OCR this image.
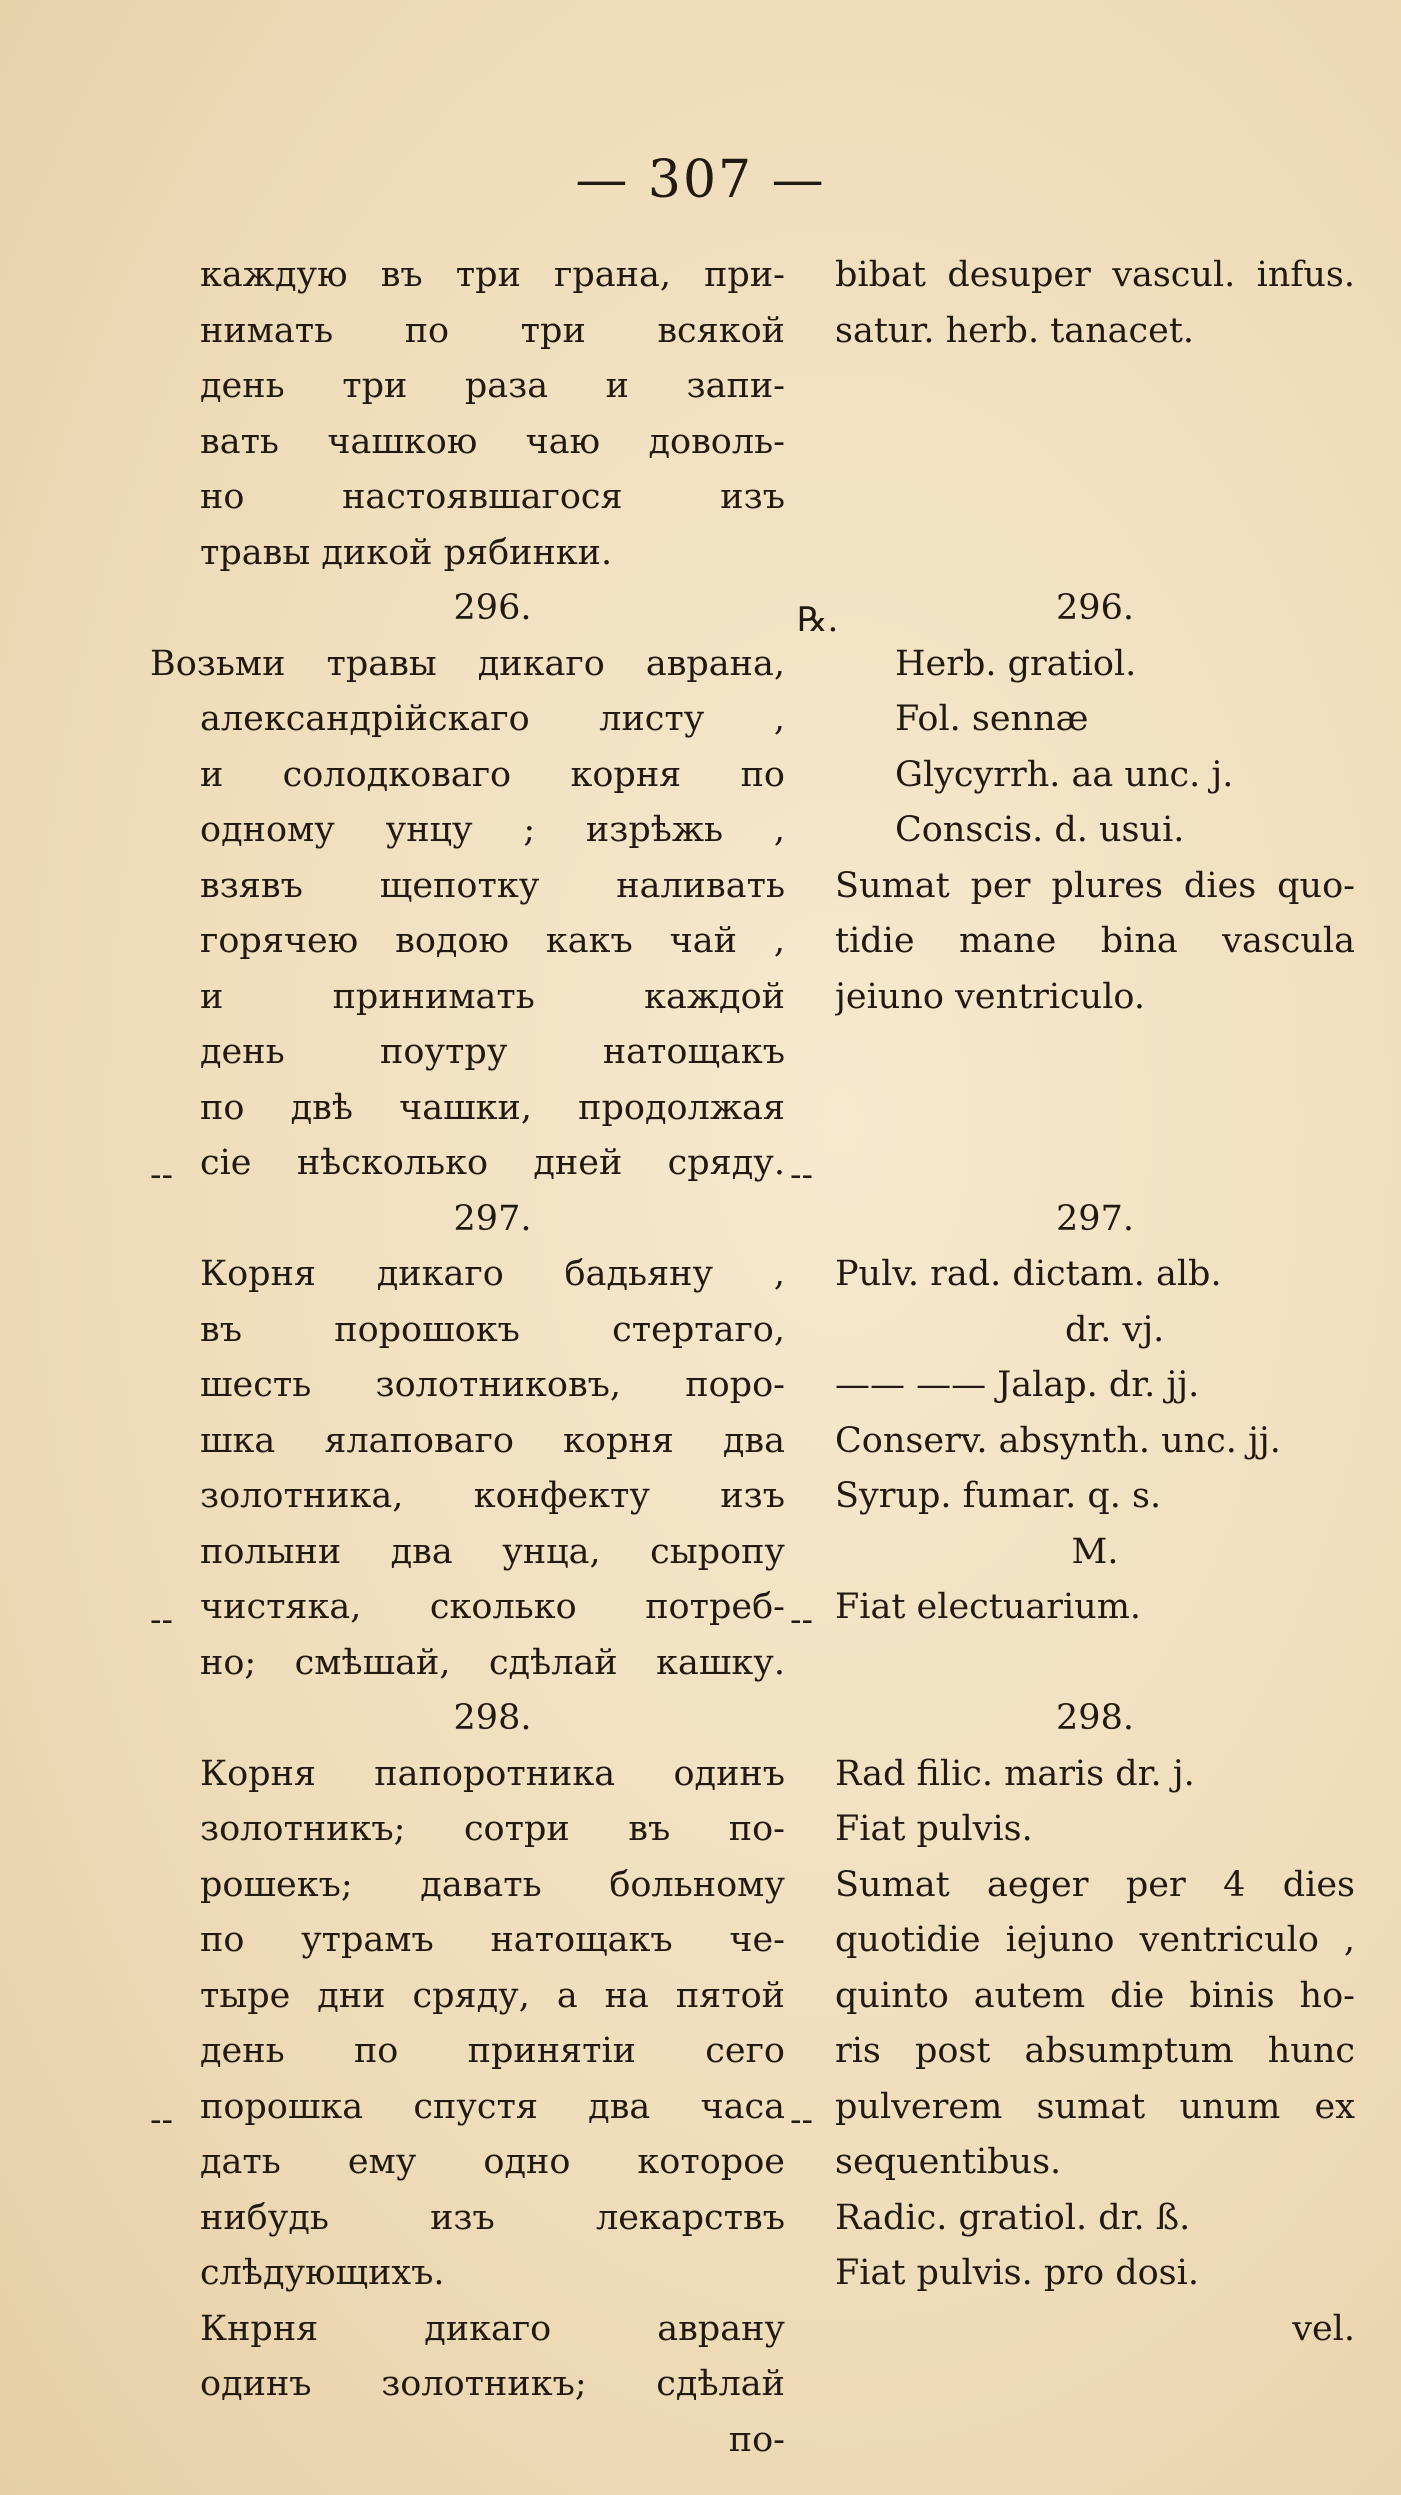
— 307 —
каждую въ три грана, при-
нимать по три всякой
день три раза и запи-
вать чашкою чаю доволь-
но настоявшагося изъ
травы дикой рябинки.
296.
Возьми травы дикаго аврана,
александрійскаго листу ,
и солодковаго корня по
одному унцу ; изрѣжь ,
взявъ щепотку наливать
горячею водою какъ чай ,
и принимать каждой
день поутру натощакъ
по двѣ чашки, продолжая
сіе нѣсколько дней сряду.
297.
Корня дикаго бадьяну ,
въ порошокъ стертаго,
шесть золотниковъ, поро-
шка ялаповаго корня два
золотника, конфекту изъ
полыни два унца, сыропу
чистяка, сколько потреб-
но; смѣшай, сдѣлай кашку.
298.
Корня папоротника одинъ
золотникъ; сотри въ по-
рошекъ; давать больному
по утрамъ натощакъ че-
тыре дни сряду, а на пятой
день по принятіи сего
порошка спустя два часа
дать ему одно которое
нибудь изъ лекарствъ
слѣдующихъ.
Кнрня дикаго аврану
одинъ золотникъ; сдѣлай
по-
bibat desuper vascul. infus.
satur. herb. tanacet.
296.
Herb. gratiol.
Fol. sennæ
Glycyrrh. aa unc. j.
Conscis. d. usui.
Sumat per plures dies quo-
tidie mane bina vascula
jeiuno ventriculo.
297.
Pulv. rad. dictam. alb.
dr. vj.
—— —— Jalap. dr. jj.
Conserv. absynth. unc. jj.
Syrup. fumar. q. s.
M.
Fiat electuarium.
298.
Rad filic. maris dr. j.
Fiat pulvis.
Sumat aeger per 4 dies
quotidie iejuno ventriculo ,
quinto autem die binis ho-
ris post absumptum hunc
pulverem sumat unum ex
sequentibus.
Radic. gratiol. dr. ß.
Fiat pulvis. pro dosi.
vel.
℞.
--	--
--	--
--	--
